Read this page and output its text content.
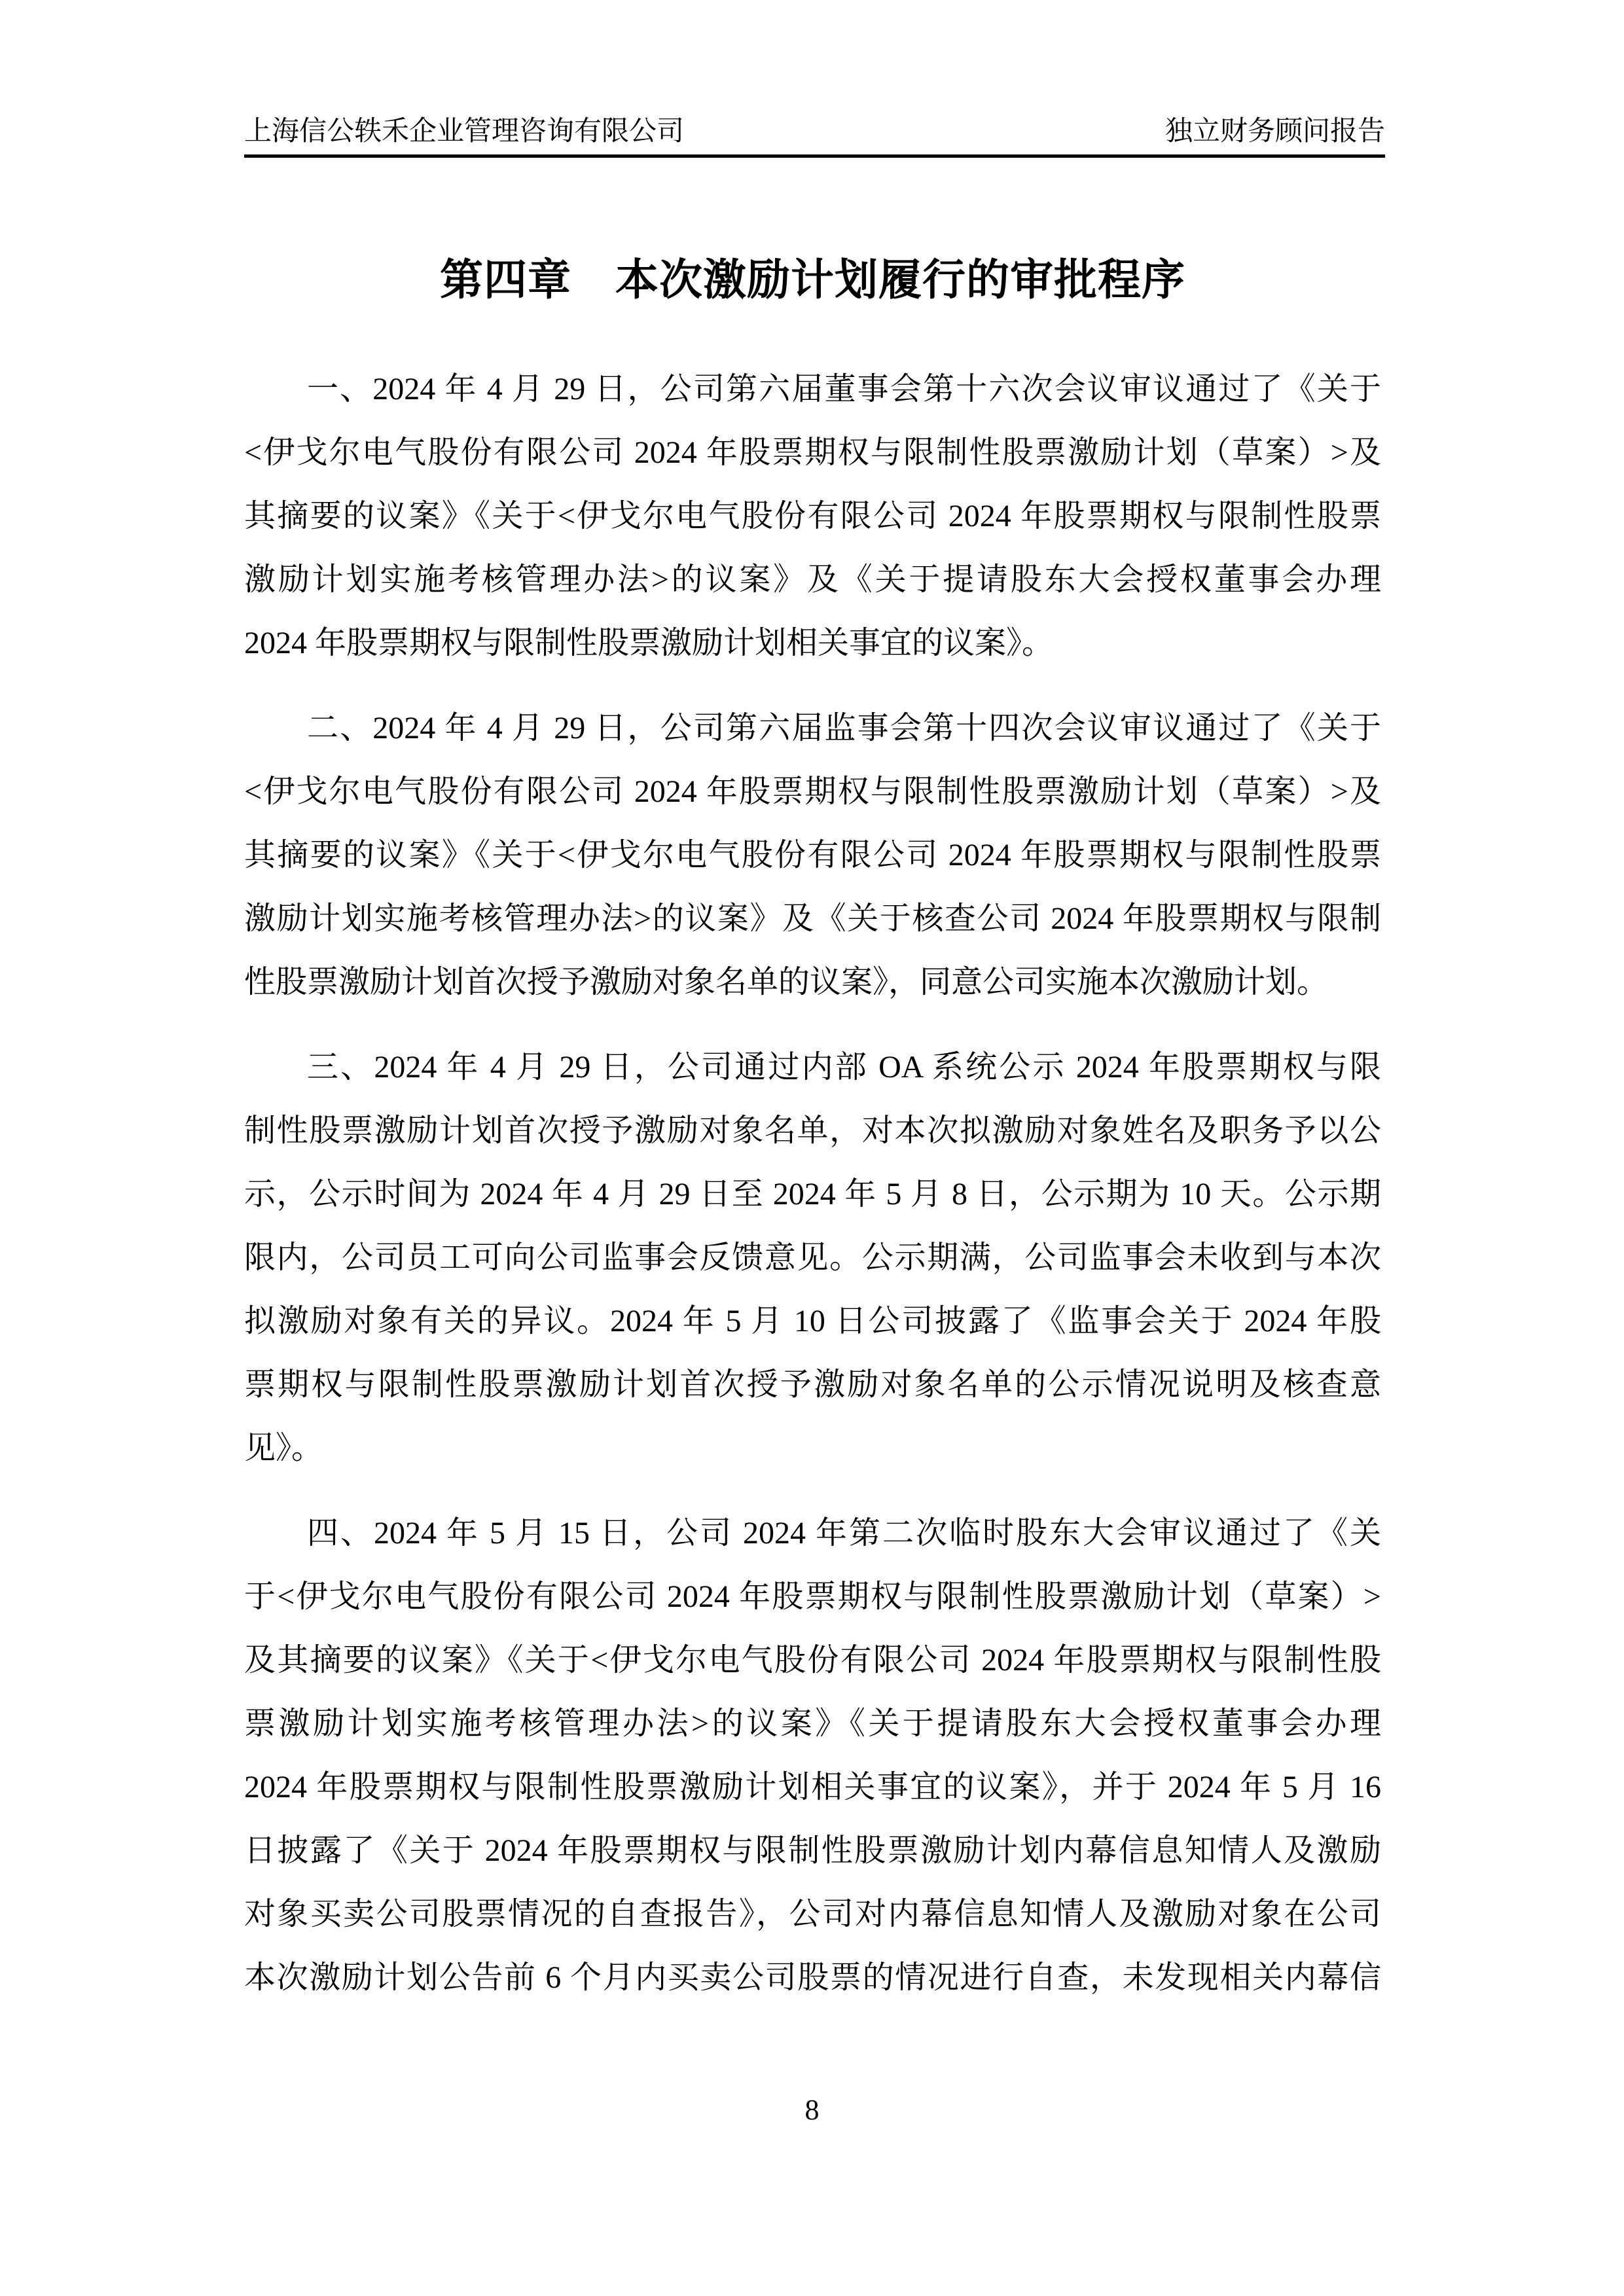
上海信公轶禾企业管理咨询有限公司	独立财务顾问报告
第四章　本次激励计划履行的审批程序
一、2024 年 4 月 29 日，公司第六届董事会第十六次会议审议通过了《关于
<伊戈尔电气股份有限公司 2024 年股票期权与限制性股票激励计划（草案）>及
其摘要的议案》《关于<伊戈尔电气股份有限公司 2024 年股票期权与限制性股票
激励计划实施考核管理办法>的议案》及《关于提请股东大会授权董事会办理
2024 年股票期权与限制性股票激励计划相关事宜的议案》。
二、2024 年 4 月 29 日，公司第六届监事会第十四次会议审议通过了《关于
<伊戈尔电气股份有限公司 2024 年股票期权与限制性股票激励计划（草案）>及
其摘要的议案》《关于<伊戈尔电气股份有限公司 2024 年股票期权与限制性股票
激励计划实施考核管理办法>的议案》及《关于核查公司 2024 年股票期权与限制
性股票激励计划首次授予激励对象名单的议案》，同意公司实施本次激励计划。
三、2024 年 4 月 29 日，公司通过内部 OA 系统公示 2024 年股票期权与限
制性股票激励计划首次授予激励对象名单，对本次拟激励对象姓名及职务予以公
示，公示时间为 2024 年 4 月 29 日至 2024 年 5 月 8 日，公示期为 10 天。公示期
限内，公司员工可向公司监事会反馈意见。公示期满，公司监事会未收到与本次
拟激励对象有关的异议。2024 年 5 月 10 日公司披露了《监事会关于 2024 年股
票期权与限制性股票激励计划首次授予激励对象名单的公示情况说明及核查意
见》。
四、2024 年 5 月 15 日，公司 2024 年第二次临时股东大会审议通过了《关
于<伊戈尔电气股份有限公司 2024 年股票期权与限制性股票激励计划（草案）>
及其摘要的议案》《关于<伊戈尔电气股份有限公司 2024 年股票期权与限制性股
票激励计划实施考核管理办法>的议案》《关于提请股东大会授权董事会办理
2024 年股票期权与限制性股票激励计划相关事宜的议案》，并于 2024 年 5 月 16
日披露了《关于 2024 年股票期权与限制性股票激励计划内幕信息知情人及激励
对象买卖公司股票情况的自查报告》，公司对内幕信息知情人及激励对象在公司
本次激励计划公告前 6 个月内买卖公司股票的情况进行自查，未发现相关内幕信
8
